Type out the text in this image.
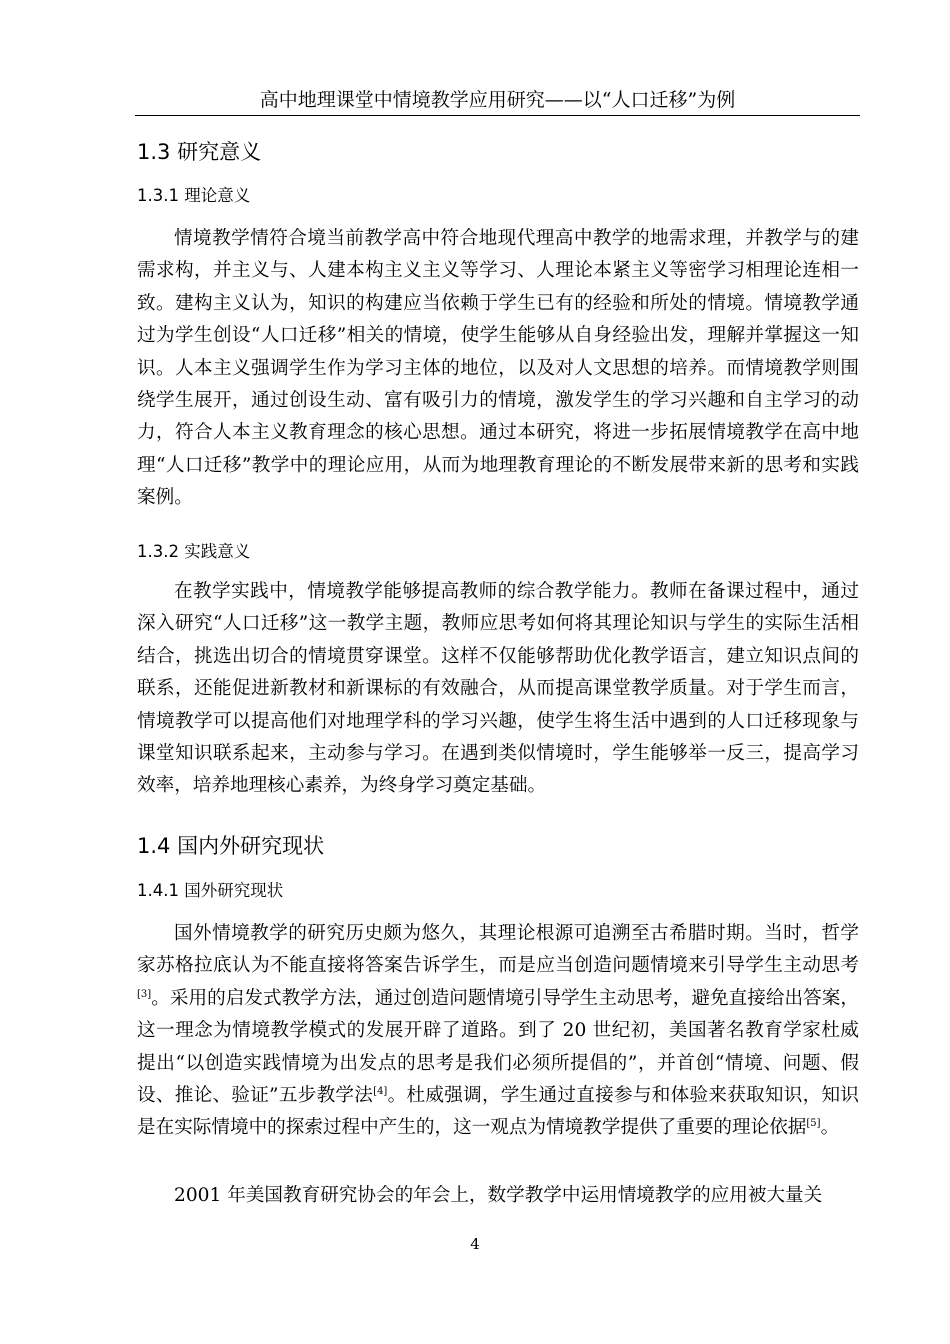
高中地理课堂中情境教学应用研究——以“人口迁移”为例
1.3 研究意义
1.3.1 理论意义

情境教学情符合境当前教学高中符合地现代理高中教学的地需求理，并教学与的建需求构，并主义与、人建本构主义主义等学习、人理论本紧主义等密学习相理论连相一致。建构主义认为，知识的构建应当依赖于学生已有的经验和所处的情境。情境教学通过为学生创设“人口迁移”相关的情境，使学生能够从自身经验出发，理解并掌握这一知识。人本主义强调学生作为学习主体的地位，以及对人文思想的培养。而情境教学则围绕学生展开，通过创设生动、富有吸引力的情境，激发学生的学习兴趣和自主学习的动力，符合人本主义教育理念的核心思想。通过本研究，将进一步拓展情境教学在高中地理“人口迁移”教学中的理论应用，从而为地理教育理论的不断发展带来新的思考和实践案例。

1.3.2 实践意义

在教学实践中，情境教学能够提高教师的综合教学能力。教师在备课过程中，通过深入研究“人口迁移”这一教学主题，教师应思考如何将其理论知识与学生的实际生活相结合，挑选出切合的情境贯穿课堂。这样不仅能够帮助优化教学语言，建立知识点间的联系，还能促进新教材和新课标的有效融合，从而提高课堂教学质量。对于学生而言，情境教学可以提高他们对地理学科的学习兴趣，使学生将生活中遇到的人口迁移现象与课堂知识联系起来，主动参与学习。在遇到类似情境时，学生能够举一反三，提高学习效率，培养地理核心素养，为终身学习奠定基础。

1.4 国内外研究现状
1.4.1 国外研究现状

国外情境教学的研究历史颇为悠久，其理论根源可追溯至古希腊时期。当时，哲学家苏格拉底认为不能直接将答案告诉学生，而是应当创造问题情境来引导学生主动思考[3]。采用的启发式教学方法，通过创造问题情境引导学生主动思考，避免直接给出答案，这一理念为情境教学模式的发展开辟了道路。到了 20 世纪初，美国著名教育学家杜威提出“以创造实践情境为出发点的思考是我们必须所提倡的”，并首创“情境、问题、假设、推论、验证”五步教学法[4]。杜威强调，学生通过直接参与和体验来获取知识，知识是在实际情境中的探索过程中产生的，这一观点为情境教学提供了重要的理论依据[5]。

2001 年美国教育研究协会的年会上，数学教学中运用情境教学的应用被大量关

4
